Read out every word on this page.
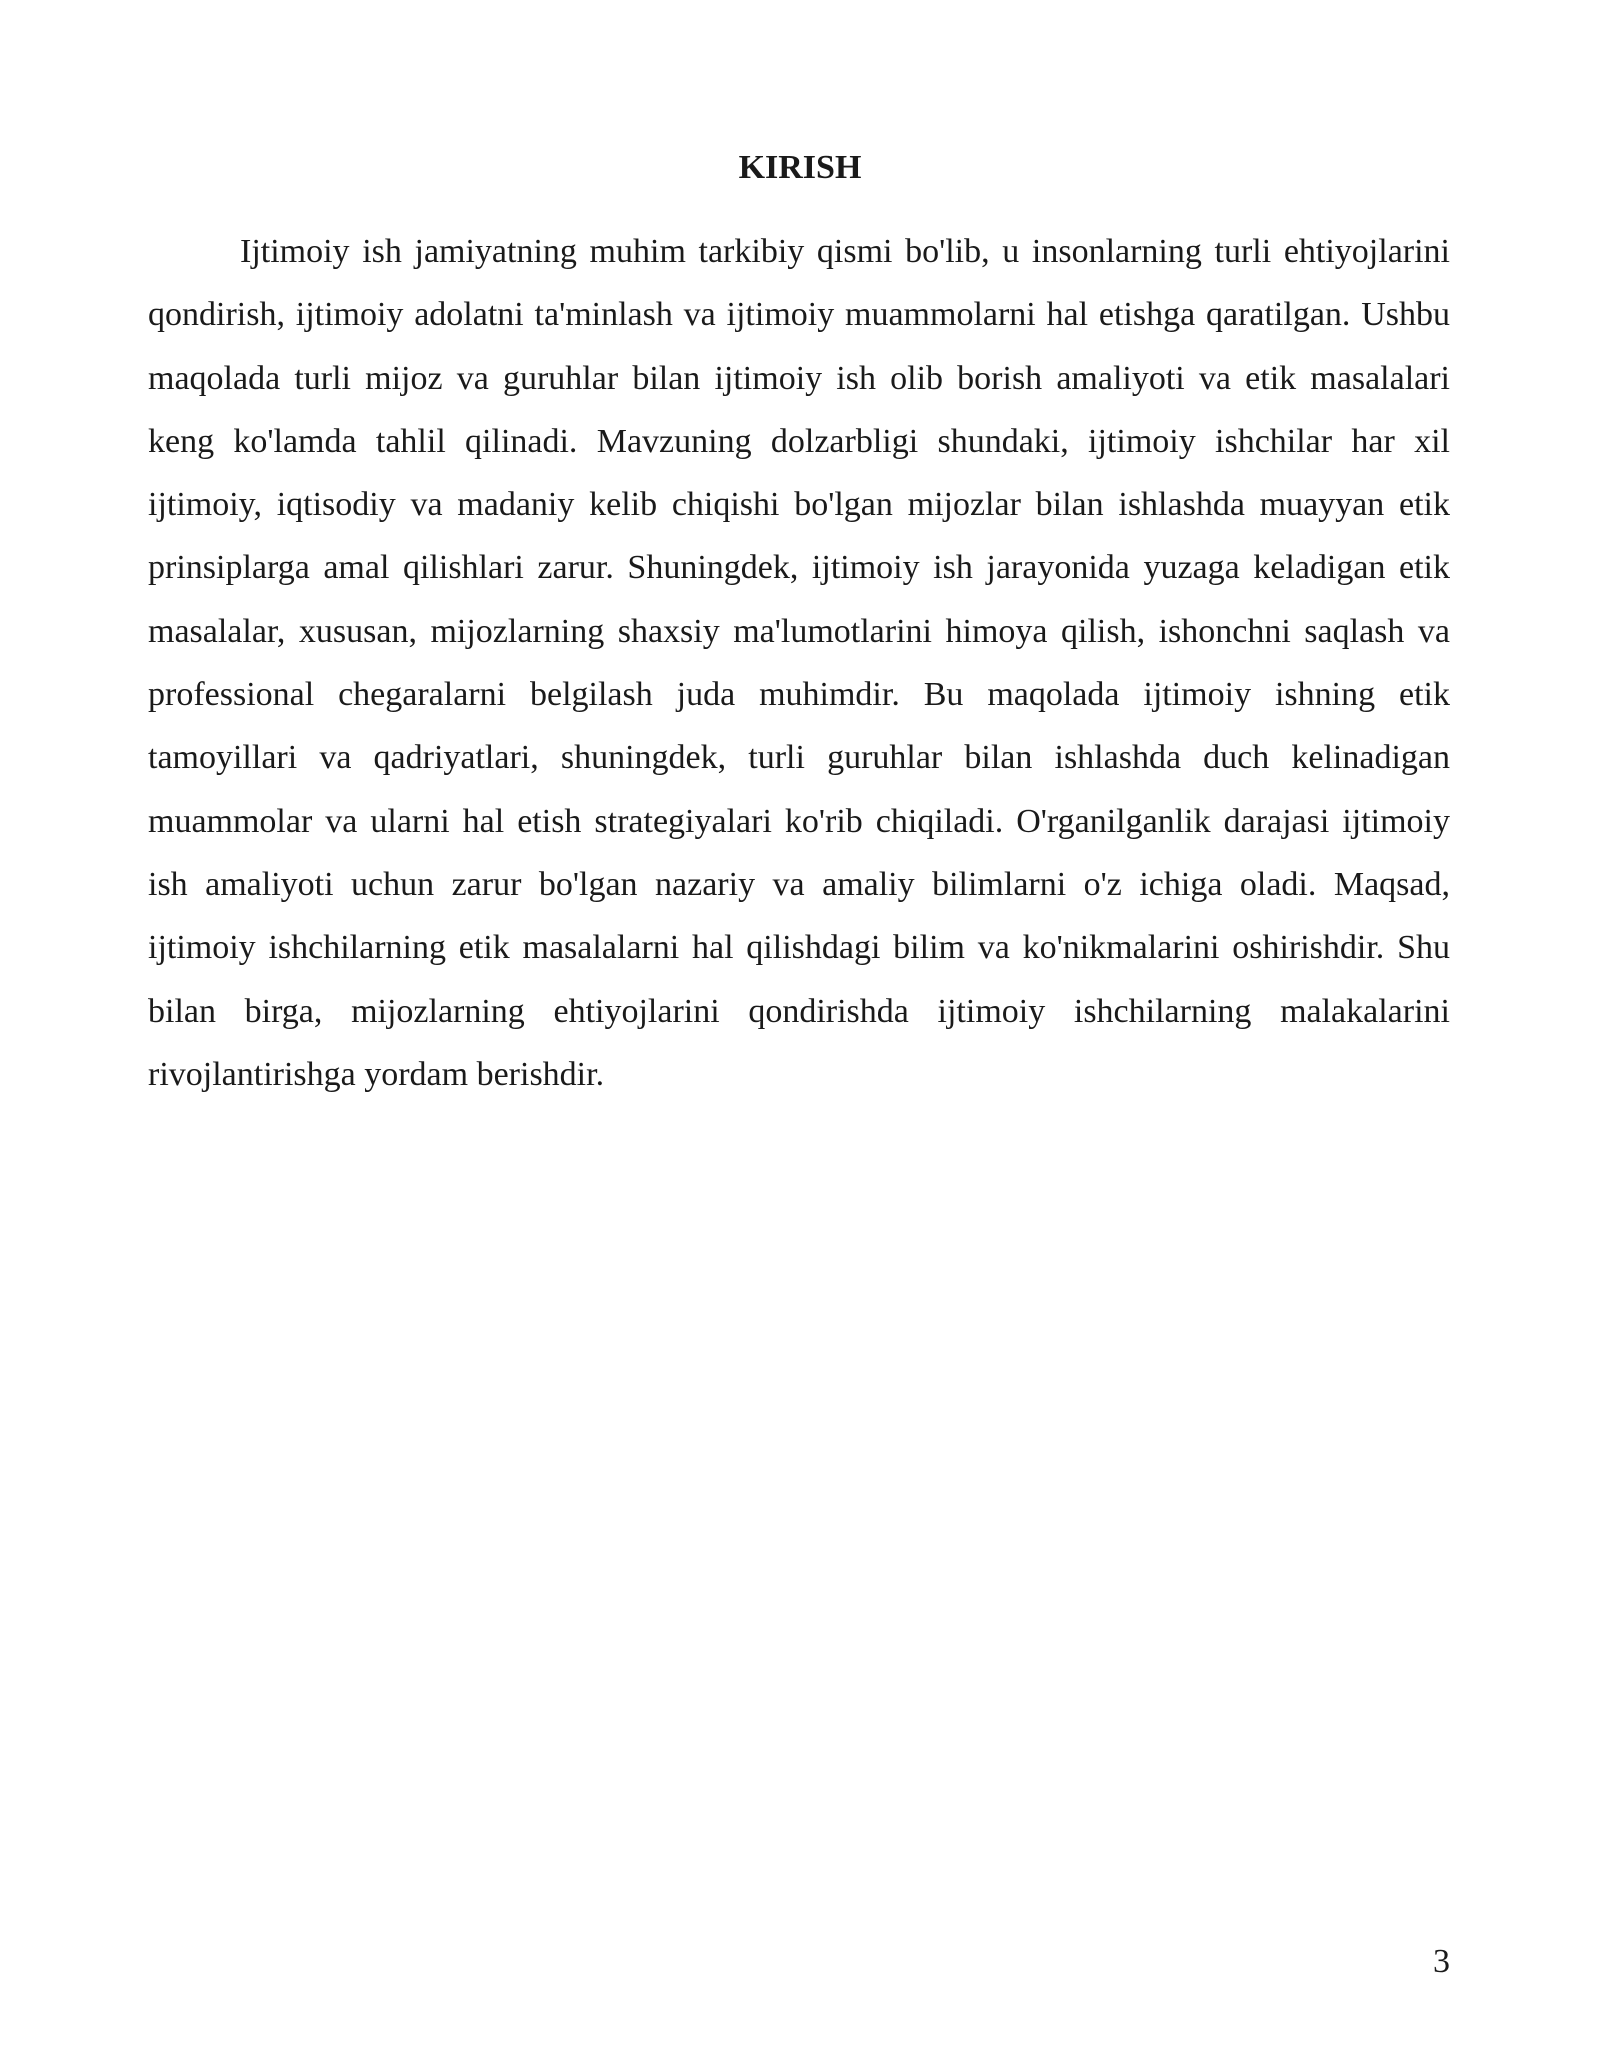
KIRISH

Ijtimoiy ish jamiyatning muhim tarkibiy qismi bo'lib, u insonlarning turli ehtiyojlarini qondirish, ijtimoiy adolatni ta'minlash va ijtimoiy muammolarni hal etishga qaratilgan. Ushbu maqolada turli mijoz va guruhlar bilan ijtimoiy ish olib borish amaliyoti va etik masalalari keng ko'lamda tahlil qilinadi. Mavzuning dolzarbligi shundaki, ijtimoiy ishchilar har xil ijtimoiy, iqtisodiy va madaniy kelib chiqishi bo'lgan mijozlar bilan ishlashda muayyan etik prinsiplarga amal qilishlari zarur. Shuningdek, ijtimoiy ish jarayonida yuzaga keladigan etik masalalar, xususan, mijozlarning shaxsiy ma'lumotlarini himoya qilish, ishonchni saqlash va professional chegaralarni belgilash juda muhimdir. Bu maqolada ijtimoiy ishning etik tamoyillari va qadriyatlari, shuningdek, turli guruhlar bilan ishlashda duch kelinadigan muammolar va ularni hal etish strategiyalari ko'rib chiqiladi. O'rganilganlik darajasi ijtimoiy ish amaliyoti uchun zarur bo'lgan nazariy va amaliy bilimlarni o'z ichiga oladi. Maqsad, ijtimoiy ishchilarning etik masalalarni hal qilishdagi bilim va ko'nikmalarini oshirishdir. Shu bilan birga, mijozlarning ehtiyojlarini qondirishda ijtimoiy ishchilarning malakalarini rivojlantirishga yordam berishdir.

3
